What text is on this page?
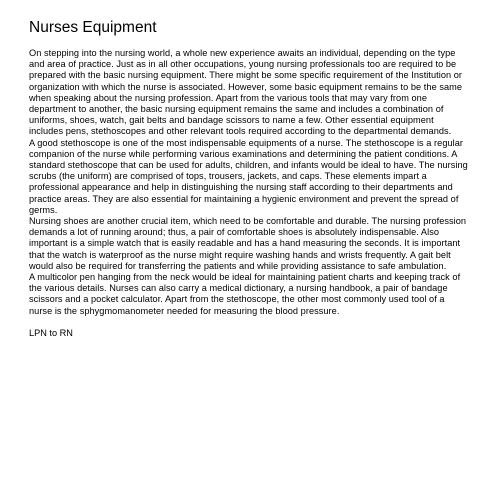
Nurses Equipment

On stepping into the nursing world, a whole new experience awaits an individual, depending on the type and area of practice. Just as in all other occupations, young nursing professionals too are required to be prepared with the basic nursing equipment. There might be some specific requirement of the Institution or organization with which the nurse is associated. However, some basic equipment remains to be the same when speaking about the nursing profession. Apart from the various tools that may vary from one department to another, the basic nursing equipment remains the same and includes a combination of uniforms, shoes, watch, gait belts and bandage scissors to name a few. Other essential equipment includes pens, stethoscopes and other relevant tools required according to the departmental demands.

A good stethoscope is one of the most indispensable equipments of a nurse. The stethoscope is a regular companion of the nurse while performing various examinations and determining the patient conditions. A standard stethoscope that can be used for adults, children, and infants would be ideal to have. The nursing scrubs (the uniform) are comprised of tops, trousers, jackets, and caps. These elements impart a professional appearance and help in distinguishing the nursing staff according to their departments and practice areas. They are also essential for maintaining a hygienic environment and prevent the spread of germs.

Nursing shoes are another crucial item, which need to be comfortable and durable. The nursing profession demands a lot of running around; thus, a pair of comfortable shoes is absolutely indispensable. Also important is a simple watch that is easily readable and has a hand measuring the seconds. It is important that the watch is waterproof as the nurse might require washing hands and wrists frequently. A gait belt would also be required for transferring the patients and while providing assistance to safe ambulation.

A multicolor pen hanging from the neck would be ideal for maintaining patient charts and keeping track of the various details. Nurses can also carry a medical dictionary, a nursing handbook, a pair of bandage scissors and a pocket calculator. Apart from the stethoscope, the other most commonly used tool of a nurse is the sphygmomanometer needed for measuring the blood pressure.

LPN to RN
